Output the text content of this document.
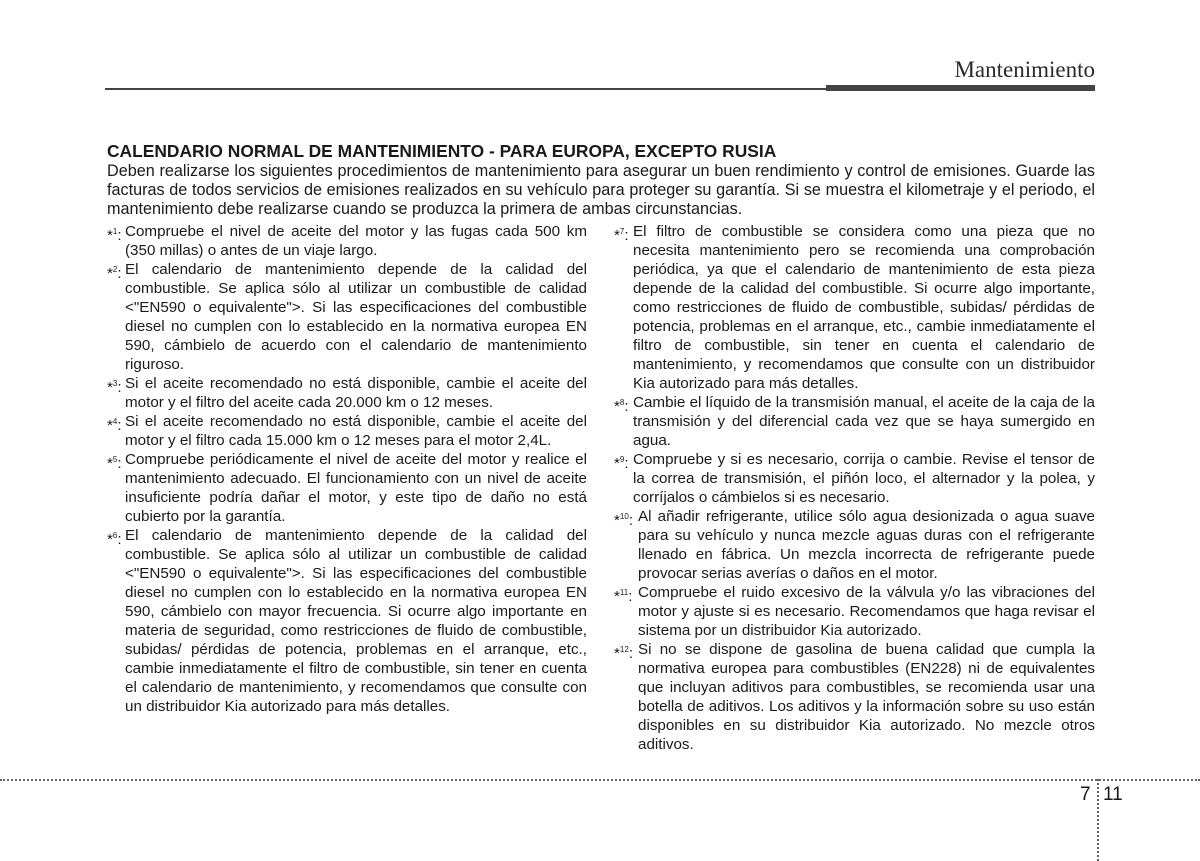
Mantenimiento
CALENDARIO NORMAL DE MANTENIMIENTO - PARA EUROPA, EXCEPTO RUSIA

Deben realizarse los siguientes procedimientos de mantenimiento para asegurar un buen rendimiento y control de emisiones. Guarde las facturas de todos servicios de emisiones realizados en su vehículo para proteger su garantía. Si se muestra el kilometraje y el periodo, el mantenimiento debe realizarse cuando se produzca la primera de ambas circunstancias.

*$^1$: Compruebe el nivel de aceite del motor y las fugas cada 500 km (350 millas) o antes de un viaje largo.
*$^2$: El calendario de mantenimiento depende de la calidad del combustible. Se aplica sólo al utilizar un combustible de calidad <"EN590 o equivalente">. Si las especificaciones del combustible diesel no cumplen con lo establecido en la normativa europea EN 590, cámbielo de acuerdo con el calendario de mantenimiento riguroso.
*$^3$: Si el aceite recomendado no está disponible, cambie el aceite del motor y el filtro del aceite cada 20.000 km o 12 meses.
*$^4$: Si el aceite recomendado no está disponible, cambie el aceite del motor y el filtro cada 15.000 km o 12 meses para el motor 2,4L.
*$^5$: Compruebe periódicamente el nivel de aceite del motor y realice el mantenimiento adecuado. El funcionamiento con un nivel de aceite insuficiente podría dañar el motor, y este tipo de daño no está cubierto por la garantía.
*$^6$: El calendario de mantenimiento depende de la calidad del combustible. Se aplica sólo al utilizar un combustible de calidad <"EN590 o equivalente">. Si las especificaciones del combustible diesel no cumplen con lo establecido en la normativa europea EN 590, cámbielo con mayor frecuencia. Si ocurre algo importante en materia de seguridad, como restricciones de fluido de combustible, subidas/ pérdidas de potencia, problemas en el arranque, etc., cambie inmediatamente el filtro de combustible, sin tener en cuenta el calendario de mantenimiento, y recomendamos que consulte con un distribuidor Kia autorizado para más detalles.
*$^7$: El filtro de combustible se considera como una pieza que no necesita mantenimiento pero se recomienda una comprobación periódica, ya que el calendario de mantenimiento de esta pieza depende de la calidad del combustible. Si ocurre algo importante, como restricciones de fluido de combustible, subidas/ pérdidas de potencia, problemas en el arranque, etc., cambie inmediatamente el filtro de combustible, sin tener en cuenta el calendario de mantenimiento, y recomendamos que consulte con un distribuidor Kia autorizado para más detalles.
*$^8$: Cambie el líquido de la transmisión manual, el aceite de la caja de la transmisión y del diferencial cada vez que se haya sumergido en agua.
*$^9$: Compruebe y si es necesario, corrija o cambie. Revise el tensor de la correa de transmisión, el piñón loco, el alternador y la polea, y corríjalos o cámbielos si es necesario.
*$^{10}$: Al añadir refrigerante, utilice sólo agua desionizada o agua suave para su vehículo y nunca mezcle aguas duras con el refrigerante llenado en fábrica. Un mezcla incorrecta de refrigerante puede provocar serias averías o daños en el motor.
*$^{11}$: Compruebe el ruido excesivo de la válvula y/o las vibraciones del motor y ajuste si es necesario. Recomendamos que haga revisar el sistema por un distribuidor Kia autorizado.
*$^{12}$: Si no se dispone de gasolina de buena calidad que cumpla la normativa europea para combustibles (EN228) ni de equivalentes que incluyan aditivos para combustibles, se recomienda usar una botella de aditivos. Los aditivos y la información sobre su uso están disponibles en su distribuidor Kia autorizado. No mezcle otros aditivos.
7 11
